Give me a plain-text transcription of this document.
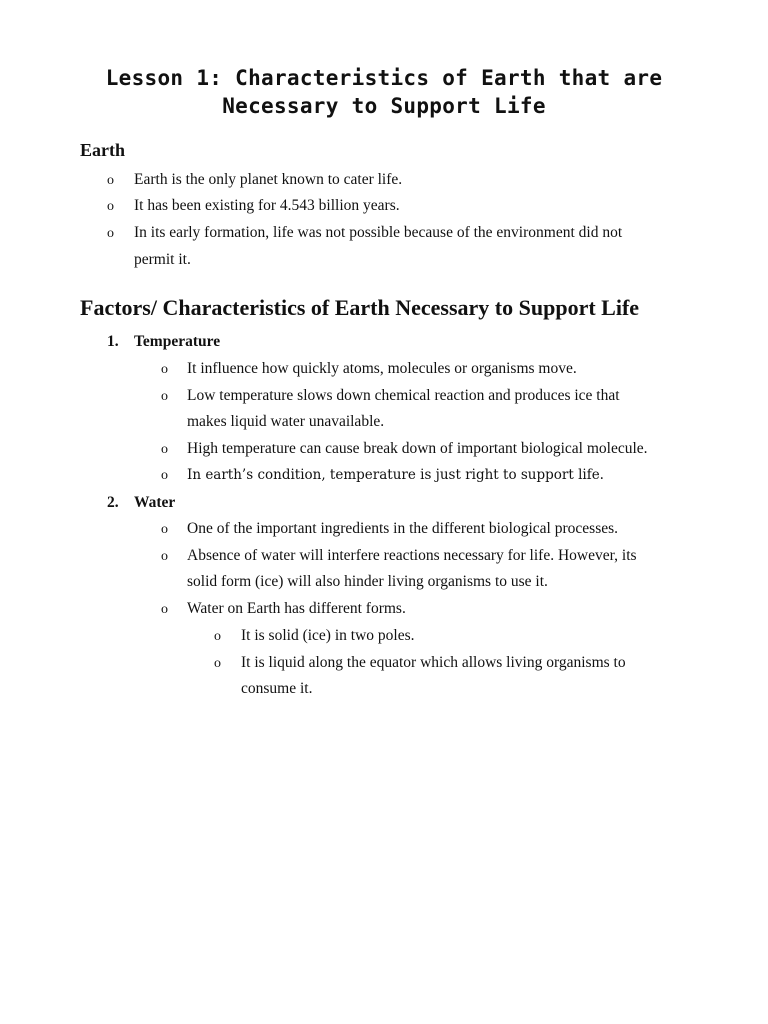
Lesson 1: Characteristics of Earth that are
Necessary to Support Life
Earth
o Earth is the only planet known to cater life.

o It has been existing for 4.543 billion years.

o In its early formation, life was not possible because of the environment did not

permit it.

Factors/ Characteristics of Earth Necessary to Support Life
1. Temperature
o It influence how quickly atoms, molecules or organisms move.

o Low temperature slows down chemical reaction and produces ice that

makes liquid water unavailable.

o High temperature can cause break down of important biological molecule.

o In earth’s condition, temperature is just right to support life.

2. Water
o One of the important ingredients in the different biological processes.

o Absence of water will interfere reactions necessary for life. However, its

solid form (ice) will also hinder living organisms to use it.

o Water on Earth has different forms.

o It is solid (ice) in two poles.

o It is liquid along the equator which allows living organisms to

consume it.
